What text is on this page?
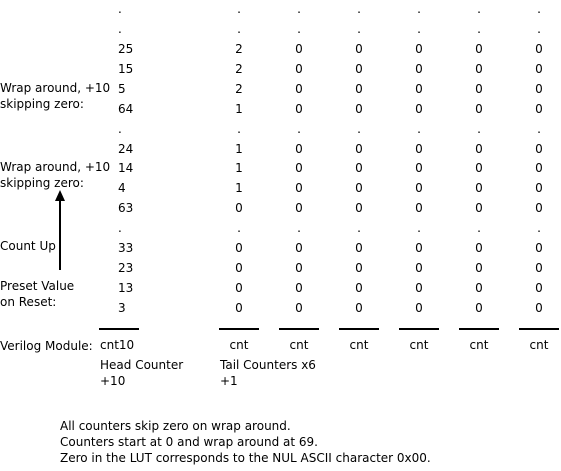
Wrap around, +10
skipping zero:
Wrap around, +10
skipping zero:
Count Up
Preset Value
on Reset:
Verilog Module:
.	.	.	.	.	.	.
.	.	.	.	.	.	.
25	2	0	0	0	0	0
15	2	0	0	0	0	0
5	2	0	0	0	0	0
64	1	0	0	0	0	0
.	.	.	.	.	.	.
24	1	0	0	0	0	0
14	1	0	0	0	0	0
4	1	0	0	0	0	0
63	0	0	0	0	0	0
.	.	.	.	.	.	.
33	0	0	0	0	0	0
23	0	0	0	0	0	0
13	0	0	0	0	0	0
3	0	0	0	0	0	0
cnt10	cnt	cnt	cnt	cnt	cnt	cnt
Head Counter
+10
Tail Counters x6
+1
All counters skip zero on wrap around.
Counters start at 0 and wrap around at 69.
Zero in the LUT corresponds to the NUL ASCII character 0x00.
